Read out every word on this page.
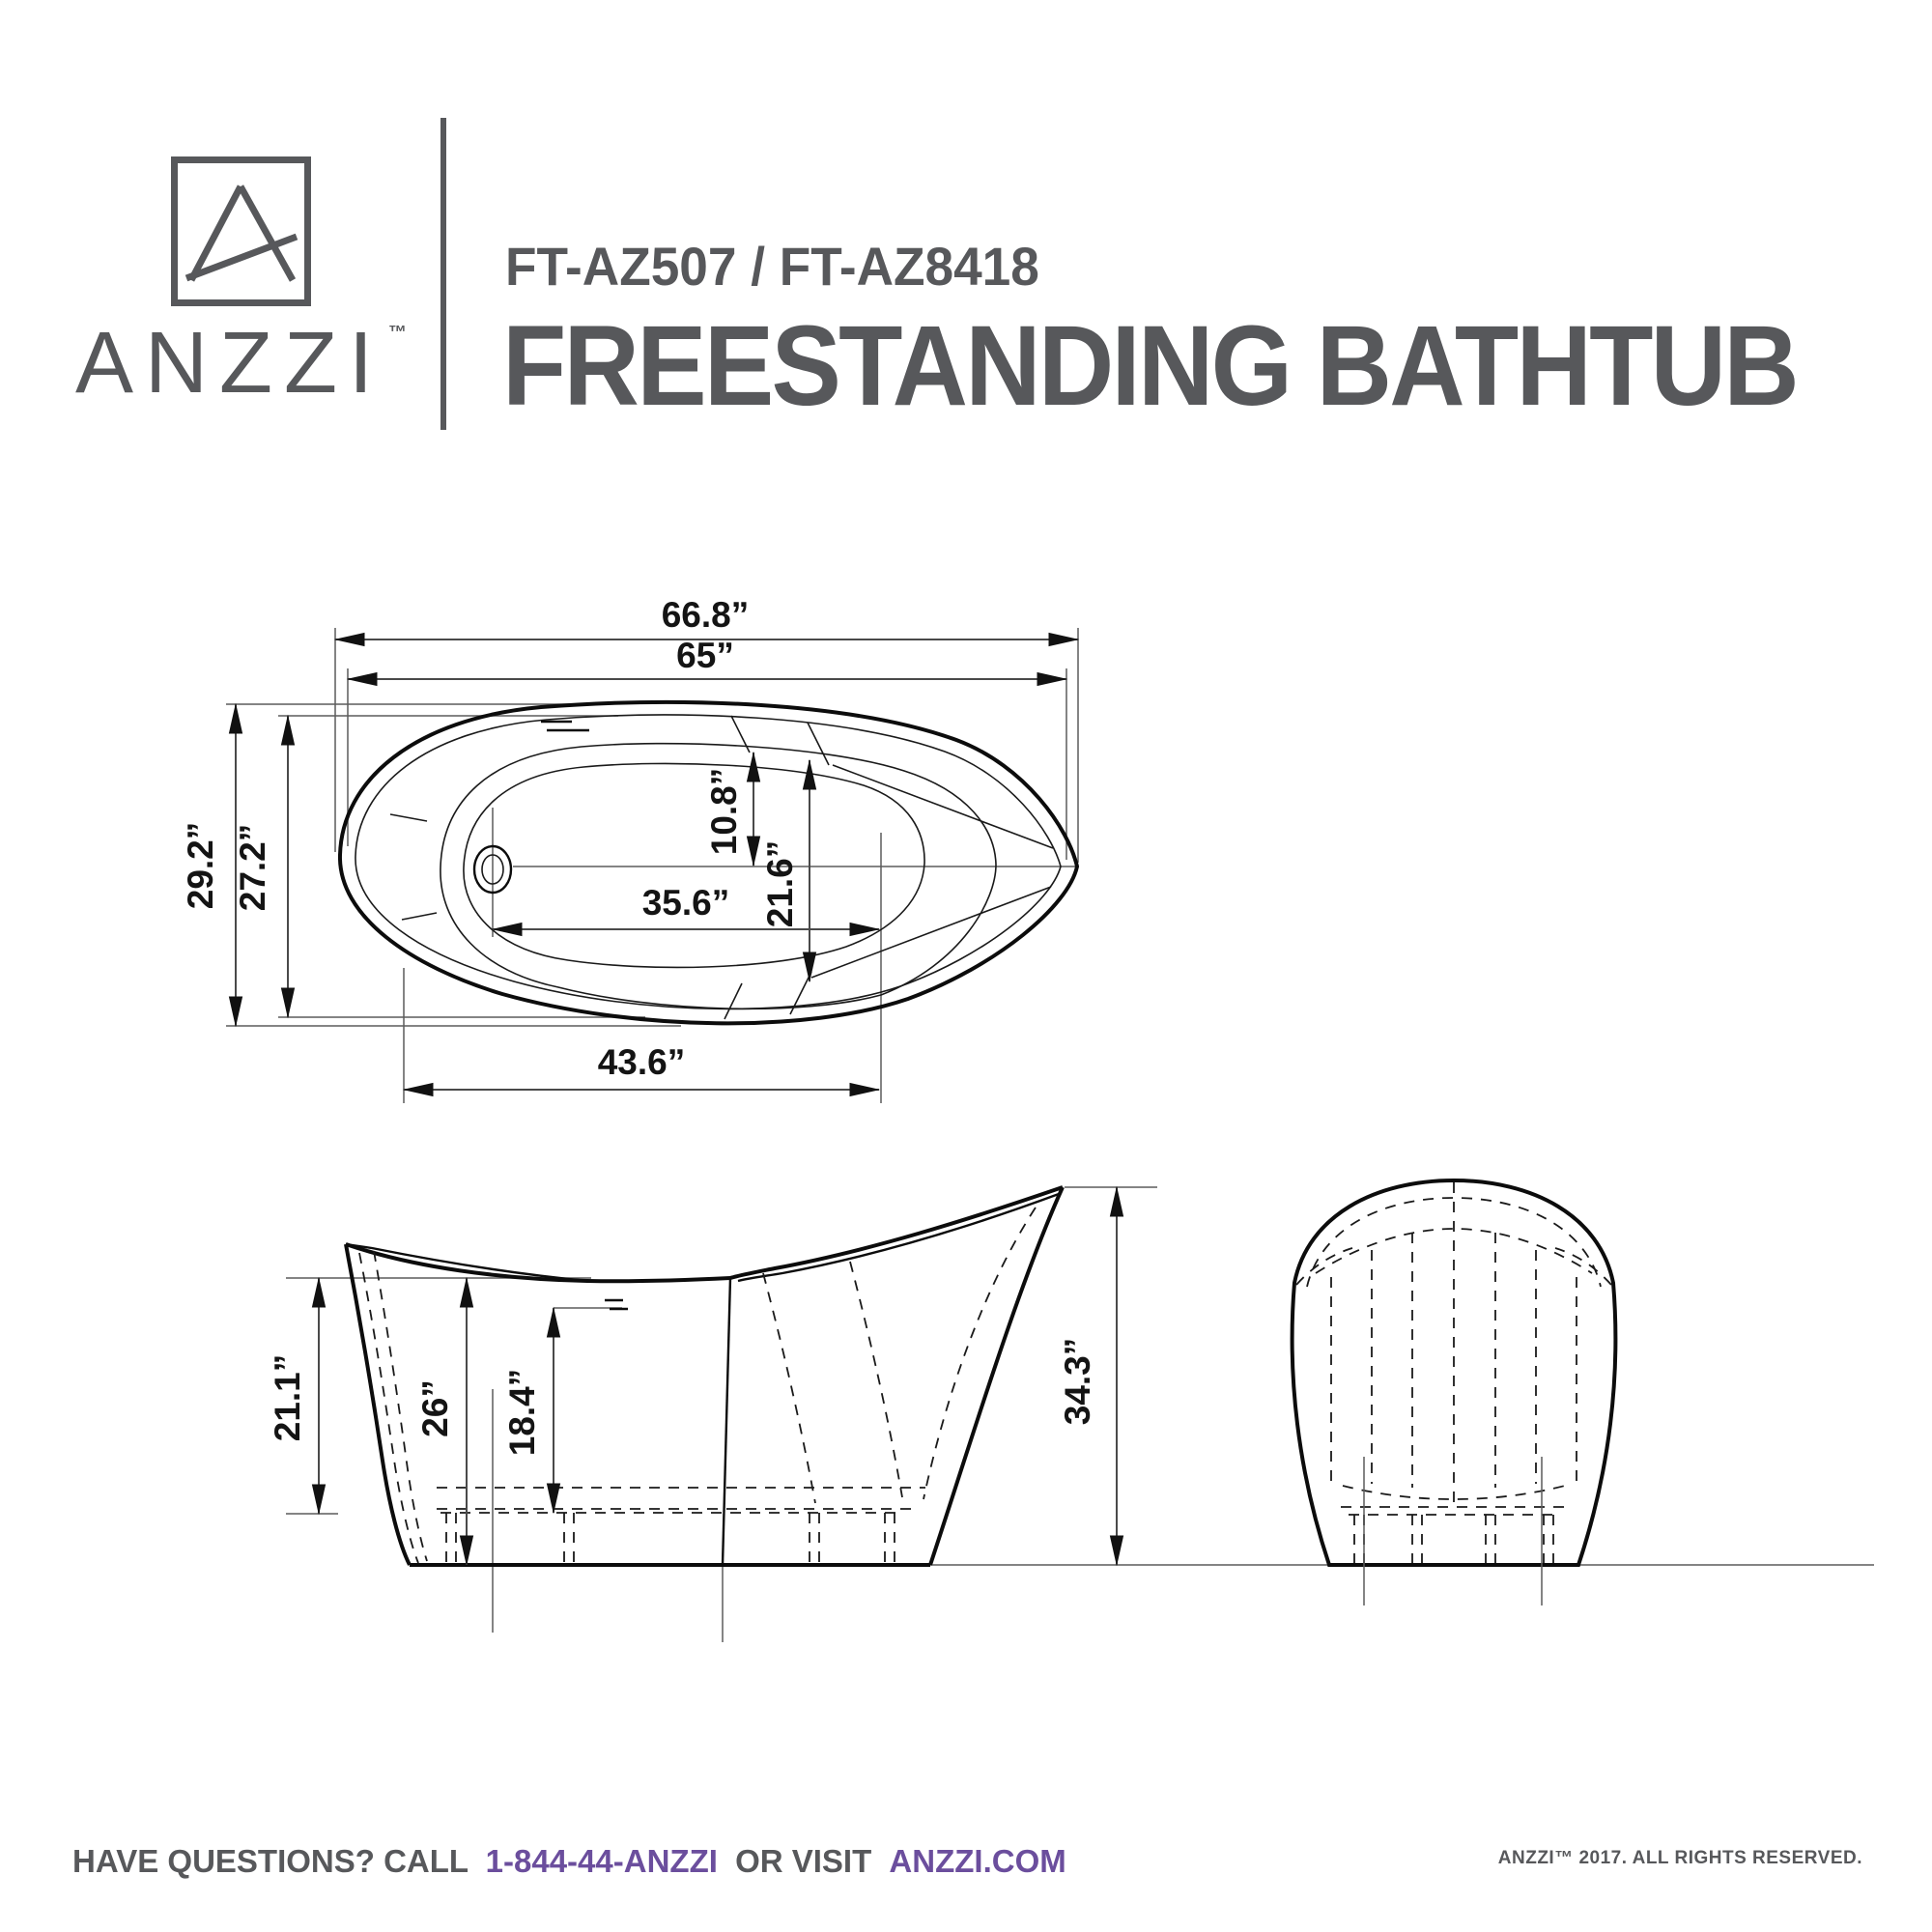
ANZZI ™
FT-AZ507 / FT-AZ8418
FREESTANDING BATHTUB
66.8”
65”
29.2” 27.2”
10.8”
21.6”
35.6”
43.6”
21.1”	26” 18.4”	34.3”
HAVE QUESTIONS? CALL 1-844-44-ANZZI OR VISIT ANZZI.COM	ANZZI™ 2017. ALL RIGHTS RESERVED.
